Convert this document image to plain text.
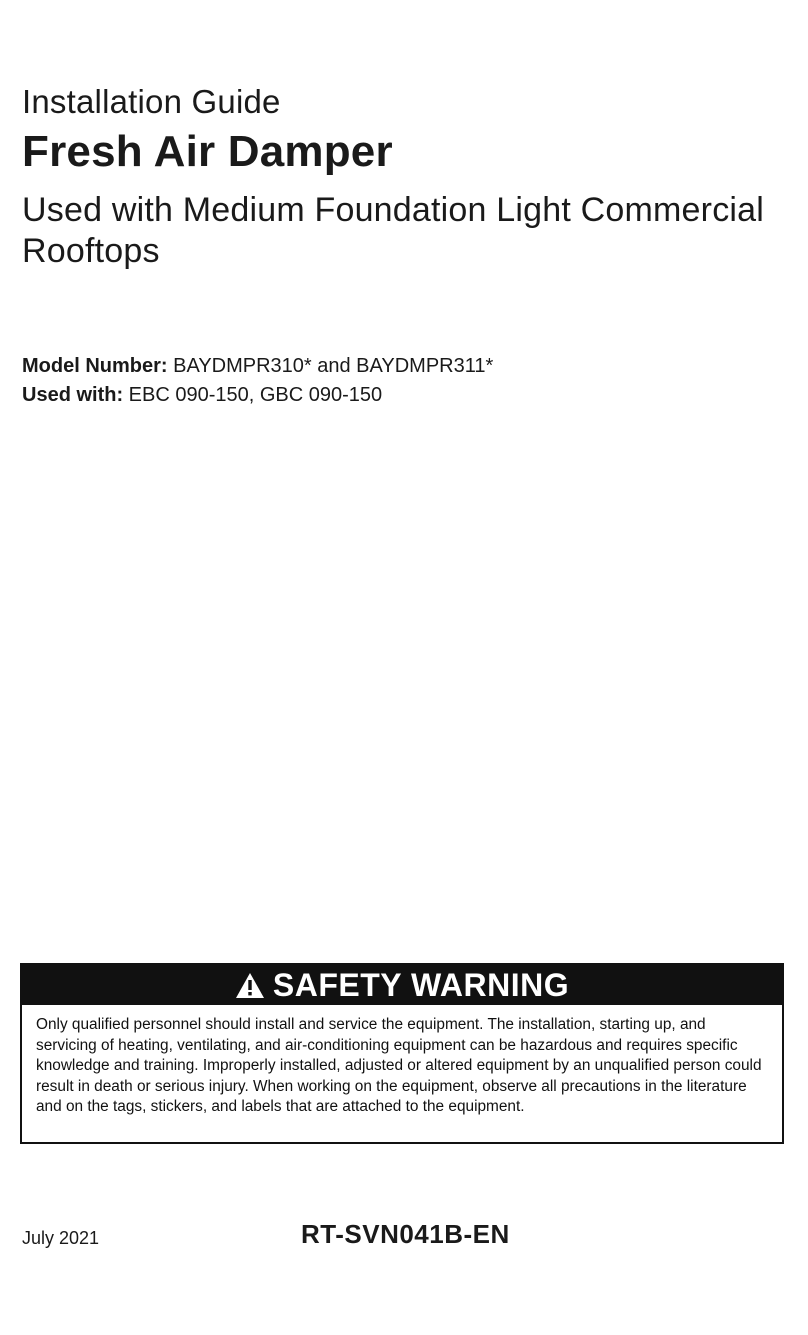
Installation Guide
Fresh Air Damper
Used with Medium Foundation Light Commercial Rooftops
Model Number: BAYDMPR310* and BAYDMPR311*
Used with: EBC 090-150, GBC 090-150
SAFETY WARNING
Only qualified personnel should install and service the equipment. The installation, starting up, and servicing of heating, ventilating, and air-conditioning equipment can be hazardous and requires specific knowledge and training. Improperly installed, adjusted or altered equipment by an unqualified person could result in death or serious injury. When working on the equipment, observe all precautions in the literature and on the tags, stickers, and labels that are attached to the equipment.
July 2021	RT-SVN041B-EN
